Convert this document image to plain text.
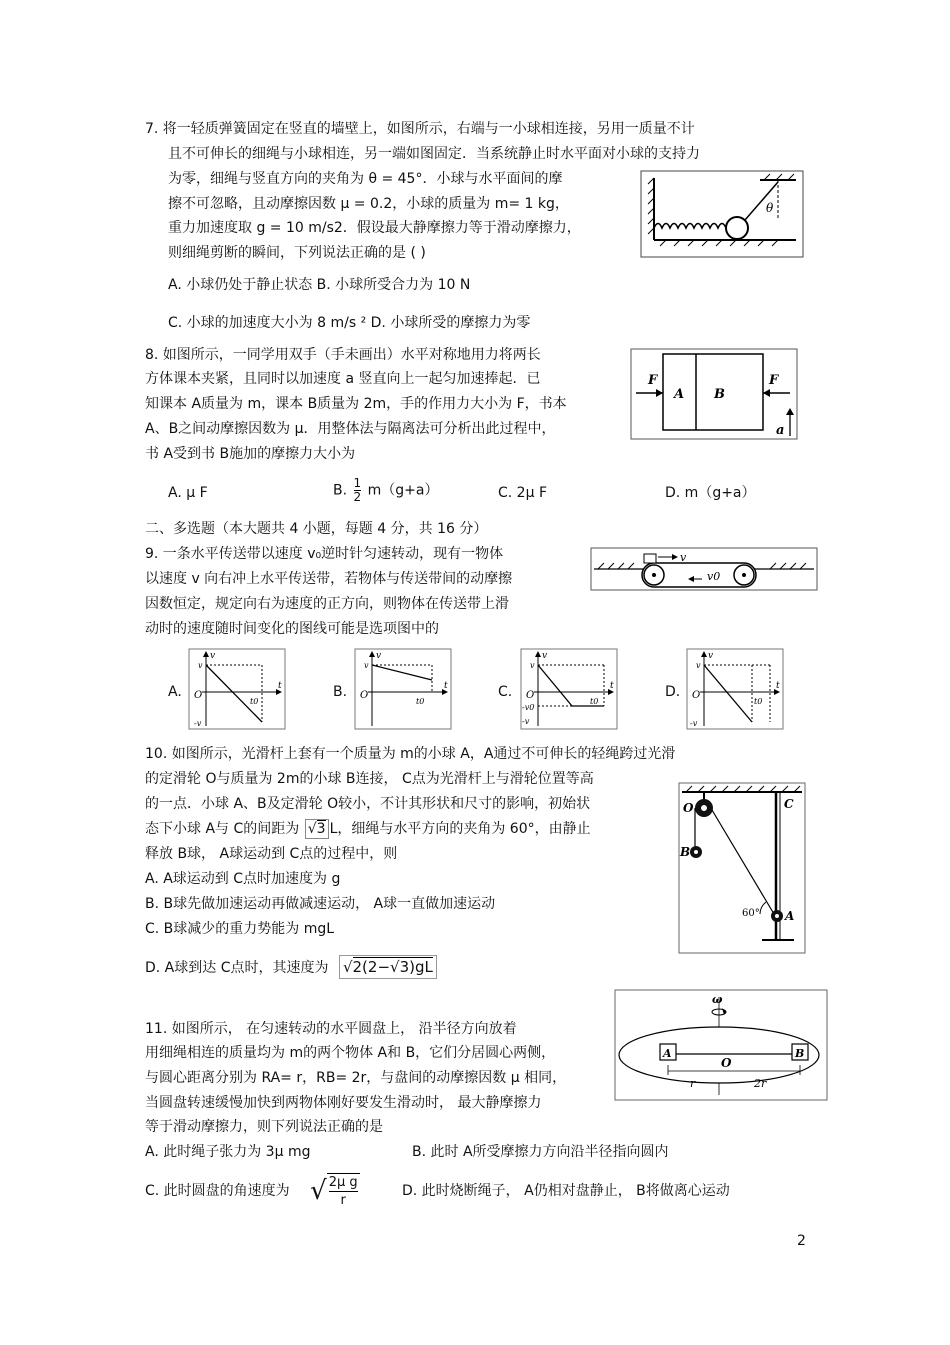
7. 将一轻质弹簧固定在竖直的墙壁上，如图所示，右端与一小球相连接，另用一质量不计
且不可伸长的细绳与小球相连，另一端如图固定．当系统静止时水平面对小球的支持力
为零，细绳与竖直方向的夹角为 θ = 45°．小球与水平面间的摩
擦不可忽略，且动摩擦因数 μ = 0.2，小球的质量为 m= 1 kg，
重力加速度取 g = 10 m/s2．假设最大静摩擦力等于滑动摩擦力，
则细绳剪断的瞬间，下列说法正确的是 ( )
A. 小球仍处于静止状态 B. 小球所受合力为 10 N
C. 小球的加速度大小为 8 m/s ² D. 小球所受的摩擦力为零
θ
8. 如图所示，一同学用双手（手未画出）水平对称地用力将两长
方体课本夹紧，且同时以加速度 a 竖直向上一起匀加速捧起．已
知课本 A质量为 m，课本 B质量为 2m，手的作用力大小为 F，书本
A、B之间动摩擦因数为 μ．用整体法与隔离法可分析出此过程中，
书 A受到书 B施加的摩擦力大小为
A. μ F	B. $\frac{1}{2} m(g+a)$	C. 2μ F	D. m（g+a）
F	F
A B
a
二、多选题（本大题共 4 小题，每题 4 分，共 16 分）
9. 一条水平传送带以速度 v₀逆时针匀速转动，现有一物体
以速度 v 向右冲上水平传送带，若物体与传送带间的动摩擦
因数恒定，规定向右为速度的正方向，则物体在传送带上滑
动时的速度随时间变化的图线可能是选项图中的
v
v0
A.	B.	C.	D.
v
t
O
v
-v
t0
v
t
O
v
t0
v
t
O
v
-v0
-v
t0
v
t
O
v
-v
t0
10. 如图所示，光滑杆上套有一个质量为 m的小球 A，A通过不可伸长的轻绳跨过光滑
的定滑轮 O与质量为 2m的小球 B连接， C点为光滑杆上与滑轮位置等高
的一点．小球 A、B及定滑轮 O较小，不计其形状和尺寸的影响，初始状
态下小球 A与 C的间距为 √3 L，细绳与水平方向的夹角为 60°，由静止
释放 B球， A球运动到 C点的过程中，则
A. A球运动到 C点时加速度为 g
B. B球先做加速运动再做减速运动， A球一直做加速运动
C. B球减少的重力势能为 mgL
D. A球到达 C点时，其速度为 √2(2−√3)gL
O	C
B
A
60°
11. 如图所示， 在匀速转动的水平圆盘上， 沿半径方向放着
用细绳相连的质量均为 m的两个物体 A和 B，它们分居圆心两侧，
与圆心距离分别为 RA= r，RB= 2r，与盘间的动摩擦因数 μ 相同，
当圆盘转速缓慢加快到两物体刚好要发生滑动时， 最大静摩擦力
等于滑动摩擦力，则下列说法正确的是
A. 此时绳子张力为 3μ mg	B. 此时 A所受摩擦力方向沿半径指向圆内
C. 此时圆盘的角速度为 √ $\frac{\text{2μ g}}{r}$	D. 此时烧断绳子， A仍相对盘静止， B将做离心运动
ω
A
O
B
r	2r
2
